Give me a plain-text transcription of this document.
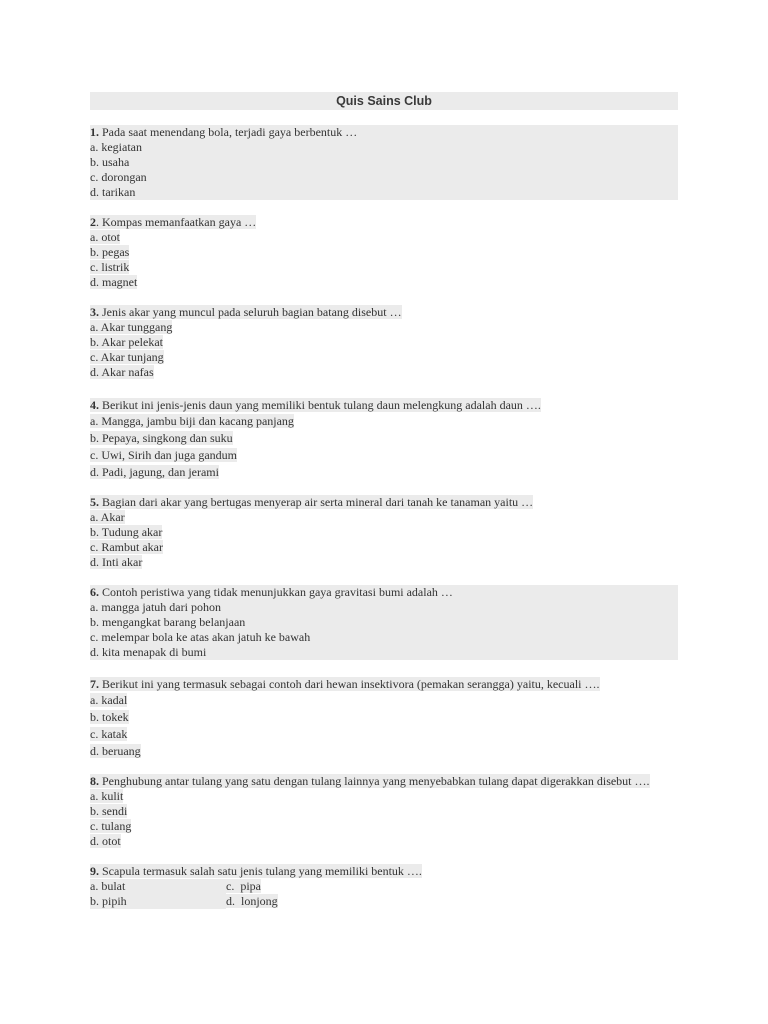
Quis Sains Club
1. Pada saat menendang bola, terjadi gaya berbentuk …
a. kegiatan
b. usaha
c. dorongan
d. tarikan
2. Kompas memanfaatkan gaya …
a. otot
b. pegas
c. listrik
d. magnet
3. Jenis akar yang muncul pada seluruh bagian batang disebut …
a. Akar tunggang
b. Akar pelekat
c. Akar tunjang
d. Akar nafas
4. Berikut ini jenis-jenis daun yang memiliki bentuk tulang daun melengkung adalah daun ….
a. Mangga, jambu biji dan kacang panjang
b. Pepaya, singkong dan suku
c. Uwi, Sirih dan juga gandum
d. Padi, jagung, dan jerami
5. Bagian dari akar yang bertugas menyerap air serta mineral dari tanah ke tanaman yaitu …
a. Akar
b. Tudung akar
c. Rambut akar
d. Inti akar
6. Contoh peristiwa yang tidak menunjukkan gaya gravitasi bumi adalah …
a. mangga jatuh dari pohon
b. mengangkat barang belanjaan
c. melempar bola ke atas akan jatuh ke bawah
d. kita menapak di bumi
7. Berikut ini yang termasuk sebagai contoh dari hewan insektivora (pemakan serangga) yaitu, kecuali ….
a. kadal
b. tokek
c. katak
d. beruang
8. Penghubung antar tulang yang satu dengan tulang lainnya yang menyebabkan tulang dapat digerakkan disebut ….
a. kulit
b. sendi
c. tulang
d. otot
9. Scapula termasuk salah satu jenis tulang yang memiliki bentuk ….
a. bulat	c.  pipa
b. pipih	d.  lonjong
